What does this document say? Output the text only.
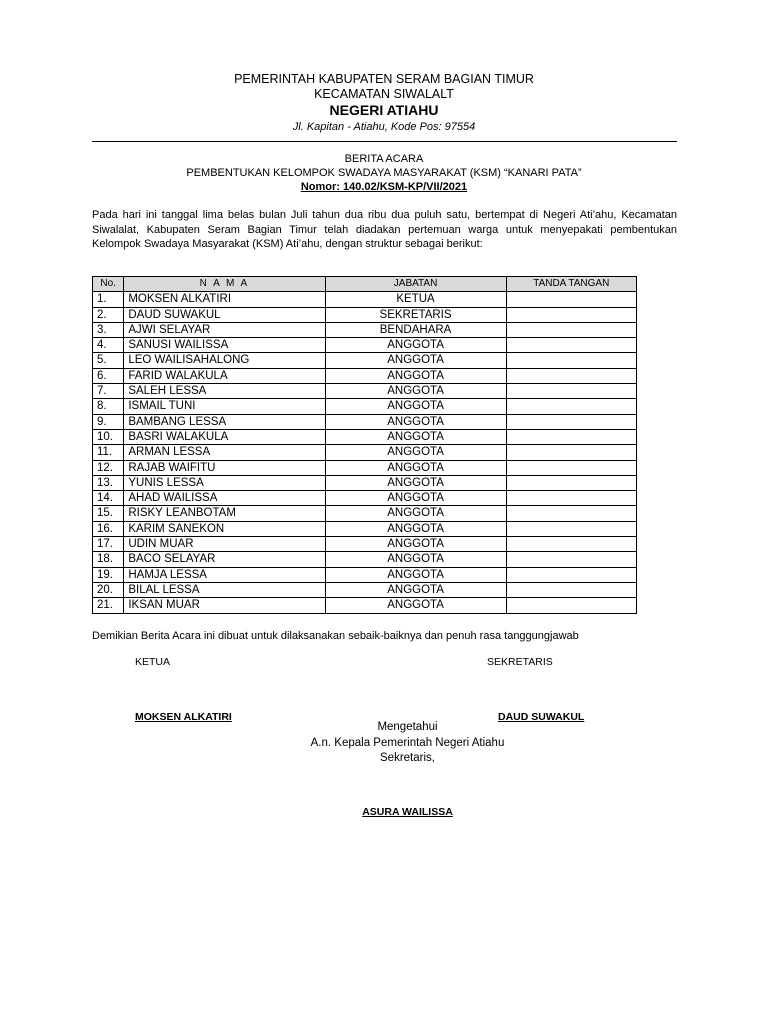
PEMERINTAH KABUPATEN SERAM BAGIAN TIMUR
KECAMATAN SIWALALT
NEGERI ATIAHU
Jl. Kapitan - Atiahu, Kode Pos: 97554
BERITA ACARA
PEMBENTUKAN KELOMPOK SWADAYA MASYARAKAT (KSM) “KANARI PATA”
Nomor: 140.02/KSM-KP/VII/2021
Pada hari ini tanggal lima belas bulan Juli tahun dua ribu dua puluh satu, bertempat di Negeri Ati’ahu, Kecamatan Siwalalat, Kabupaten Seram Bagian Timur telah diadakan pertemuan warga untuk menyepakati pembentukan Kelompok Swadaya Masyarakat (KSM) Ati’ahu, dengan struktur sebagai berikut:
No.	N A M A	JABATAN	TANDA TANGAN
1.	MOKSEN ALKATIRI	KETUA	
2.	DAUD SUWAKUL	SEKRETARIS	
3.	AJWI SELAYAR	BENDAHARA	
4.	SANUSI WAILISSA	ANGGOTA	
5.	LEO WAILISAHALONG	ANGGOTA	
6.	FARID WALAKULA	ANGGOTA	
7.	SALEH LESSA	ANGGOTA	
8.	ISMAIL TUNI	ANGGOTA	
9.	BAMBANG LESSA	ANGGOTA	
10.	BASRI WALAKULA	ANGGOTA	
11.	ARMAN LESSA	ANGGOTA	
12.	RAJAB WAIFITU	ANGGOTA	
13.	YUNIS LESSA	ANGGOTA	
14.	AHAD WAILISSA	ANGGOTA	
15.	RISKY LEANBOTAM	ANGGOTA	
16.	KARIM SANEKON	ANGGOTA	
17.	UDIN MUAR	ANGGOTA	
18.	BACO SELAYAR	ANGGOTA	
19.	HAMJA LESSA	ANGGOTA	
20.	BILAL LESSA	ANGGOTA	
21.	IKSAN MUAR	ANGGOTA	
Demikian Berita Acara ini dibuat untuk dilaksanakan sebaik-baiknya dan penuh rasa tanggungjawab
KETUA	SEKRETARIS
MOKSEN ALKATIRI	DAUD SUWAKUL
Mengetahui
A.n. Kepala Pemerintah Negeri Atiahu
Sekretaris,
ASURA WAILISSA
